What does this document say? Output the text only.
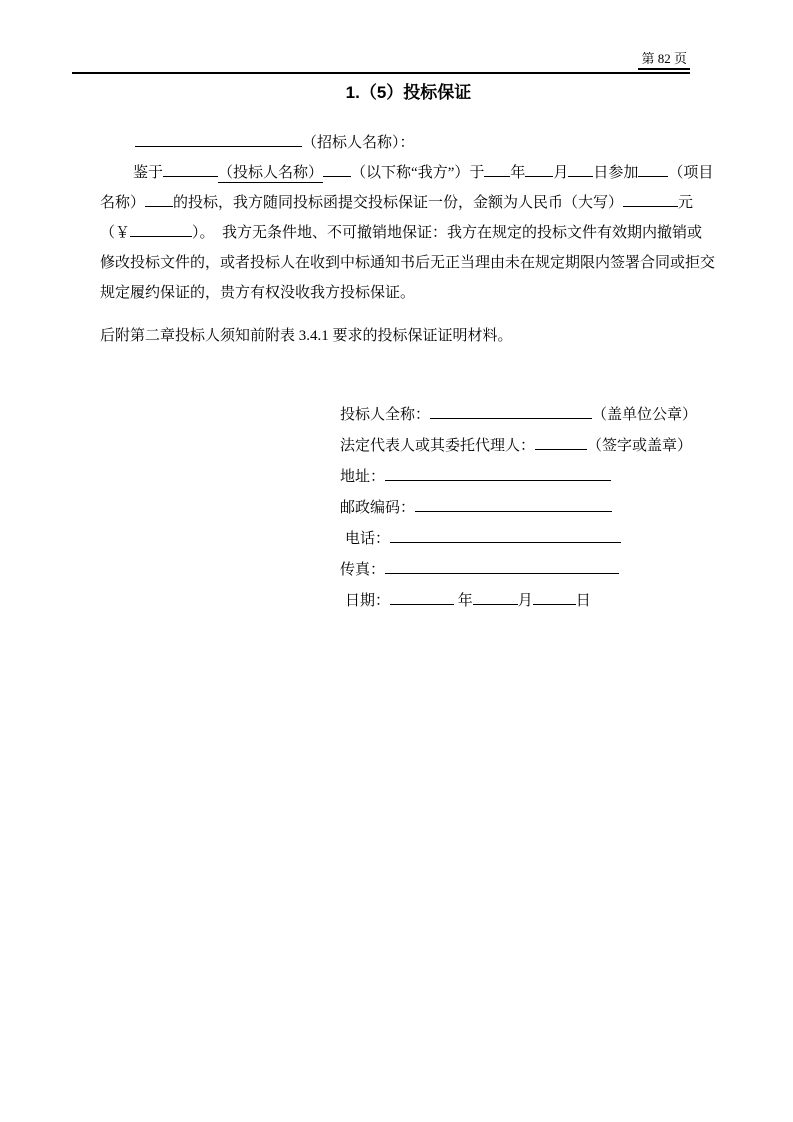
第 82 页
1.（5）投标保证
（招标人名称）：
鉴于	（投标人名称） （以下称“我方”）于 年 月 日参加 （项目
名称） 的投标，我方随同投标函提交投标保证一份，金额为人民币（大写）	元
（￥	）。　我方无条件地、不可撤销地保证：我方在规定的投标文件有效期内撤销或
修改投标文件的，或者投标人在收到中标通知书后无正当理由未在规定期限内签署合同或拒交
规定履约保证的，贵方有权没收我方投标保证。
后附第二章投标人须知前附表 3.4.1 要求的投标保证证明材料。
投标人全称：	（盖单位公章）
法定代表人或其委托代理人：	（签字或盖章）
地址：
邮政编码：
电话：
传真：
日期：	年	月	日
